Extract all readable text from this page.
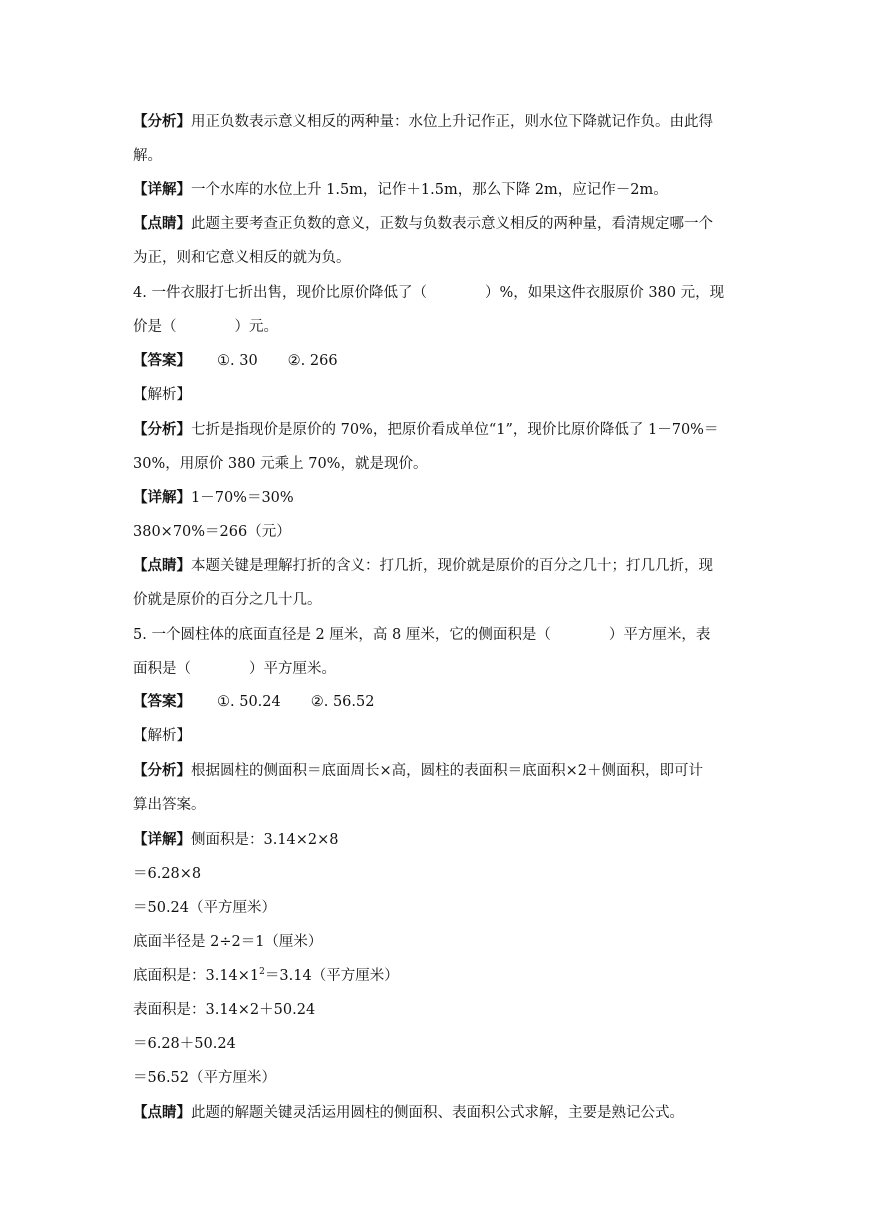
【分析】用正负数表示意义相反的两种量：水位上升记作正，则水位下降就记作负。由此得
解。
【详解】一个水库的水位上升 1.5m，记作＋1.5m，那么下降 2m，应记作－2m。
【点睛】此题主要考查正负数的意义，正数与负数表示意义相反的两种量，看清规定哪一个
为正，则和它意义相反的就为负。
4. 一件衣服打七折出售，现价比原价降低了（　　　　）%，如果这件衣服原价 380 元，现
价是（　　　　）元。
【答案】 ①. 30 ②. 266
【解析】
【分析】七折是指现价是原价的 70%，把原价看成单位“1”，现价比原价降低了 1－70%＝
30%，用原价 380 元乘上 70%，就是现价。
【详解】1－70%＝30%
380×70%＝266（元）
【点睛】本题关键是理解打折的含义：打几折，现价就是原价的百分之几十；打几几折，现
价就是原价的百分之几十几。
5. 一个圆柱体的底面直径是 2 厘米，高 8 厘米，它的侧面积是（　　　　）平方厘米，表
面积是（　　　　）平方厘米。
【答案】 ①. 50.24 ②. 56.52
【解析】
【分析】根据圆柱的侧面积＝底面周长×高，圆柱的表面积＝底面积×2＋侧面积，即可计
算出答案。
【详解】侧面积是：3.14×2×8
＝6.28×8
＝50.24（平方厘米）
底面半径是 2÷2＝1（厘米）
底面积是：$3.14\times 1^2=3.14$（平方厘米）
表面积是：3.14×2＋50.24
＝6.28＋50.24
＝56.52（平方厘米）
【点睛】此题的解题关键灵活运用圆柱的侧面积、表面积公式求解，主要是熟记公式。
